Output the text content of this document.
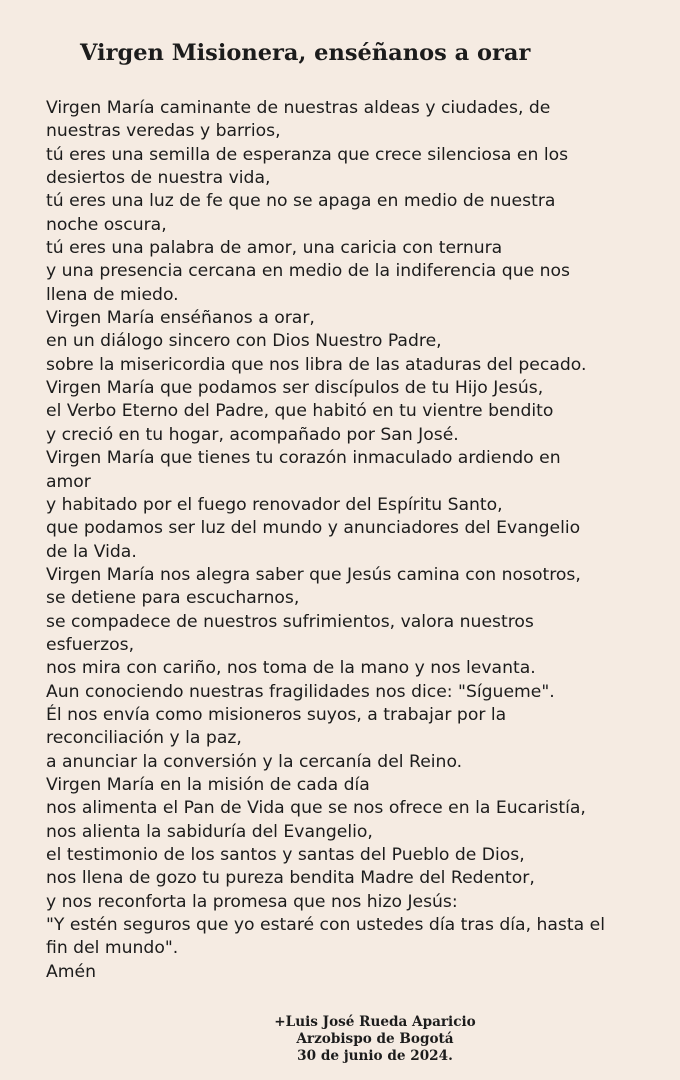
Virgen Misionera, enséñanos a orar
Virgen María caminante de nuestras aldeas y ciudades, de
nuestras veredas y barrios,
tú eres una semilla de esperanza que crece silenciosa en los
desiertos de nuestra vida,
tú eres una luz de fe que no se apaga en medio de nuestra
noche oscura,
tú eres una palabra de amor, una caricia con ternura
y una presencia cercana en medio de la indiferencia que nos
llena de miedo.
Virgen María enséñanos a orar,
en un diálogo sincero con Dios Nuestro Padre,
sobre la misericordia que nos libra de las ataduras del pecado.
Virgen María que podamos ser discípulos de tu Hijo Jesús,
el Verbo Eterno del Padre, que habitó en tu vientre bendito
y creció en tu hogar, acompañado por San José.
Virgen María que tienes tu corazón inmaculado ardiendo en
amor
y habitado por el fuego renovador del Espíritu Santo,
que podamos ser luz del mundo y anunciadores del Evangelio
de la Vida.
Virgen María nos alegra saber que Jesús camina con nosotros,
se detiene para escucharnos,
se compadece de nuestros sufrimientos, valora nuestros
esfuerzos,
nos mira con cariño, nos toma de la mano y nos levanta.
Aun conociendo nuestras fragilidades nos dice: "Sígueme".
Él nos envía como misioneros suyos, a trabajar por la
reconciliación y la paz,
a anunciar la conversión y la cercanía del Reino.
Virgen María en la misión de cada día
nos alimenta el Pan de Vida que se nos ofrece en la Eucaristía,
nos alienta la sabiduría del Evangelio,
el testimonio de los santos y santas del Pueblo de Dios,
nos llena de gozo tu pureza bendita Madre del Redentor,
y nos reconforta la promesa que nos hizo Jesús:
"Y estén seguros que yo estaré con ustedes día tras día, hasta el
fin del mundo".
Amén
+Luis José Rueda Aparicio
Arzobispo de Bogotá
30 de junio de 2024.
